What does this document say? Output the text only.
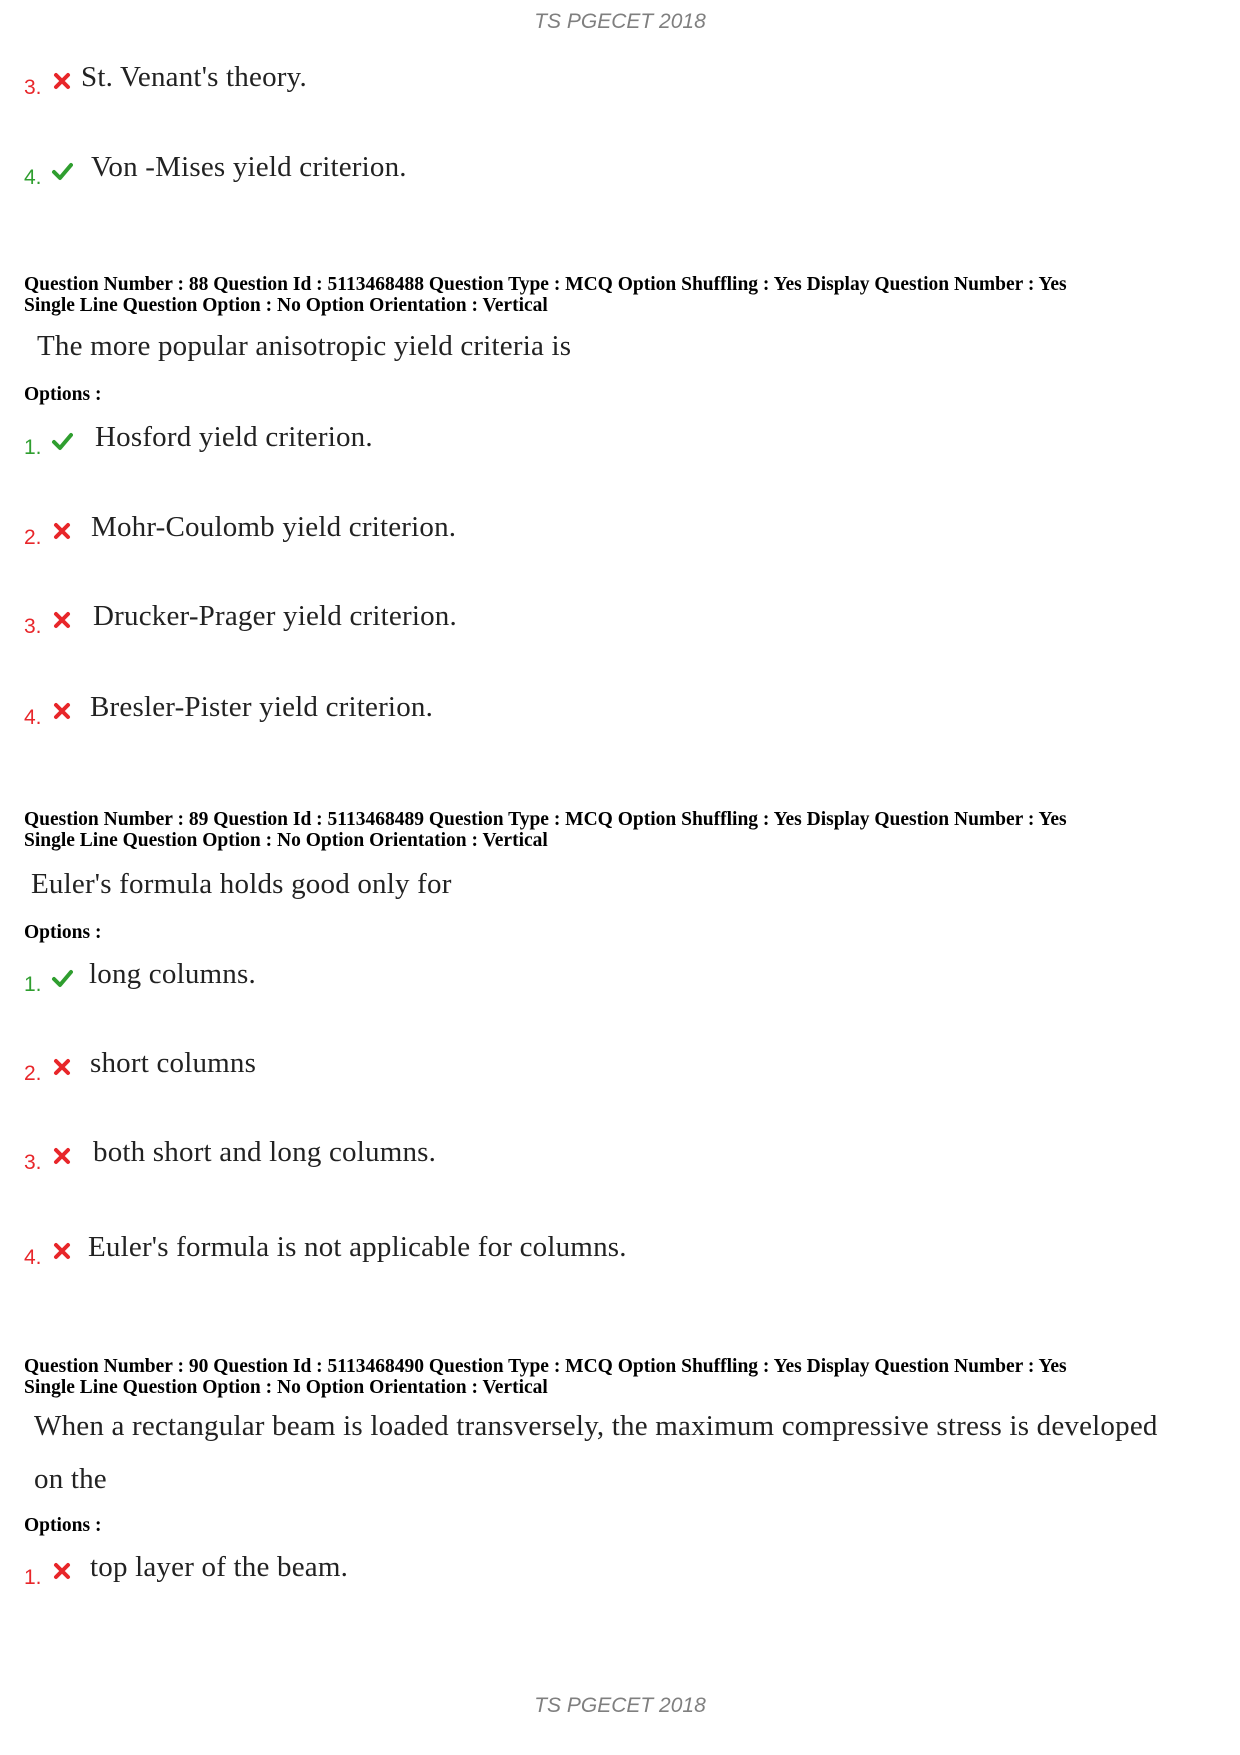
TS PGECET 2018
3. St. Venant's theory.
4. Von -Mises yield criterion.
Question Number : 88 Question Id : 5113468488 Question Type : MCQ Option Shuffling : Yes Display Question Number : Yes
Single Line Question Option : No Option Orientation : Vertical
The more popular anisotropic yield criteria is
Options :
1. Hosford yield criterion.
2. Mohr-Coulomb yield criterion.
3. Drucker-Prager yield criterion.
4. Bresler-Pister yield criterion.
Question Number : 89 Question Id : 5113468489 Question Type : MCQ Option Shuffling : Yes Display Question Number : Yes
Single Line Question Option : No Option Orientation : Vertical
Euler's formula holds good only for
Options :
1. long columns.
2. short columns
3. both short and long columns.
4. Euler's formula is not applicable for columns.
Question Number : 90 Question Id : 5113468490 Question Type : MCQ Option Shuffling : Yes Display Question Number : Yes
Single Line Question Option : No Option Orientation : Vertical
When a rectangular beam is loaded transversely, the maximum compressive stress is developed
on the
Options :
1. top layer of the beam.
TS PGECET 2018
